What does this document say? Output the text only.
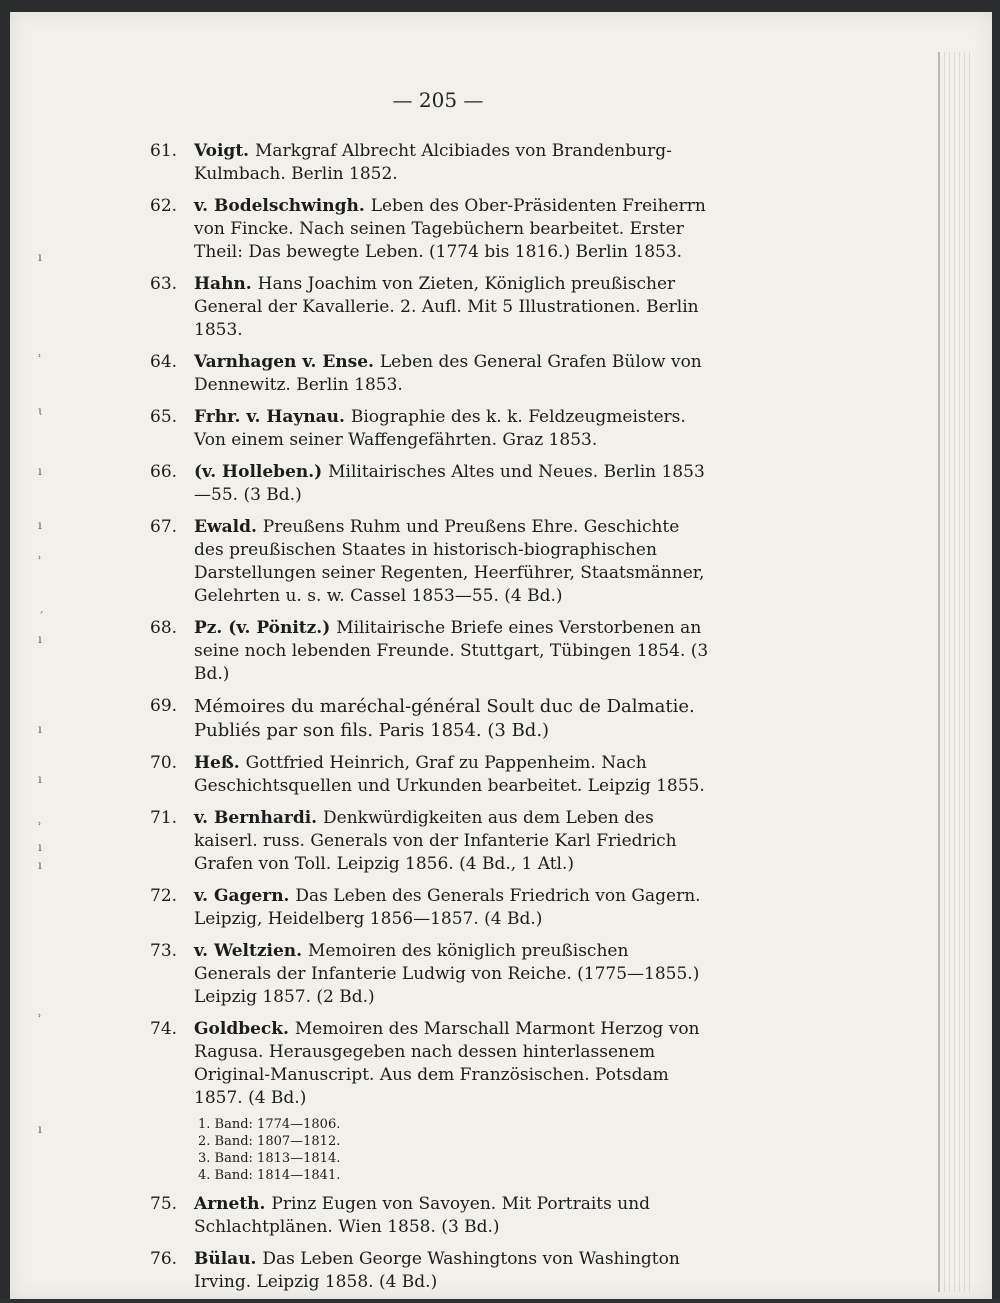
ı
ʾ
ɩ
ı
ı
ʾ
ˊ
ı
ı
ı
ʾ
ı
ı
ʾ
ı
— 205 —
61. Voigt. Markgraf Albrecht Alcibiades von Brandenburg-Kulmbach. Berlin 1852.
62. v. Bodelschwingh. Leben des Ober-Präsidenten Freiherrn von Fincke. Nach seinen Tagebüchern bearbeitet. Erster Theil: Das bewegte Leben. (1774 bis 1816.) Berlin 1853.
63. Hahn. Hans Joachim von Zieten, Königlich preußischer General der Kavallerie. 2. Aufl. Mit 5 Illustrationen. Berlin 1853.
64. Varnhagen v. Ense. Leben des General Grafen Bülow von Dennewitz. Berlin 1853.
65. Frhr. v. Haynau. Biographie des k. k. Feldzeugmeisters. Von einem seiner Waffengefährten. Graz 1853.
66. (v. Holleben.) Militairisches Altes und Neues. Berlin 1853—55. (3 Bd.)
67. Ewald. Preußens Ruhm und Preußens Ehre. Geschichte des preußischen Staates in historisch-biographischen Darstellungen seiner Regenten, Heerführer, Staatsmänner, Gelehrten u. s. w. Cassel 1853—55. (4 Bd.)
68. Pz. (v. Pönitz.) Militairische Briefe eines Verstorbenen an seine noch lebenden Freunde. Stuttgart, Tübingen 1854. (3 Bd.)
69. Mémoires du maréchal-général Soult duc de Dalmatie. Publiés par son fils. Paris 1854. (3 Bd.)
70. Heß. Gottfried Heinrich, Graf zu Pappenheim. Nach Geschichtsquellen und Urkunden bearbeitet. Leipzig 1855.
71. v. Bernhardi. Denkwürdigkeiten aus dem Leben des kaiserl. russ. Generals von der Infanterie Karl Friedrich Grafen von Toll. Leipzig 1856. (4 Bd., 1 Atl.)
72. v. Gagern. Das Leben des Generals Friedrich von Gagern. Leipzig, Heidelberg 1856—1857. (4 Bd.)
73. v. Weltzien. Memoiren des königlich preußischen Generals der Infanterie Ludwig von Reiche. (1775—1855.) Leipzig 1857. (2 Bd.)
74. Goldbeck. Memoiren des Marschall Marmont Herzog von Ragusa. Herausgegeben nach dessen hinterlassenem Original-Manuscript. Aus dem Französischen. Potsdam 1857. (4 Bd.)
1. Band: 1774—1806.
2. Band: 1807—1812.
3. Band: 1813—1814.
4. Band: 1814—1841.
75. Arneth. Prinz Eugen von Savoyen. Mit Portraits und Schlachtplänen. Wien 1858. (3 Bd.)
76. Bülau. Das Leben George Washingtons von Washington Irving. Leipzig 1858. (4 Bd.)
